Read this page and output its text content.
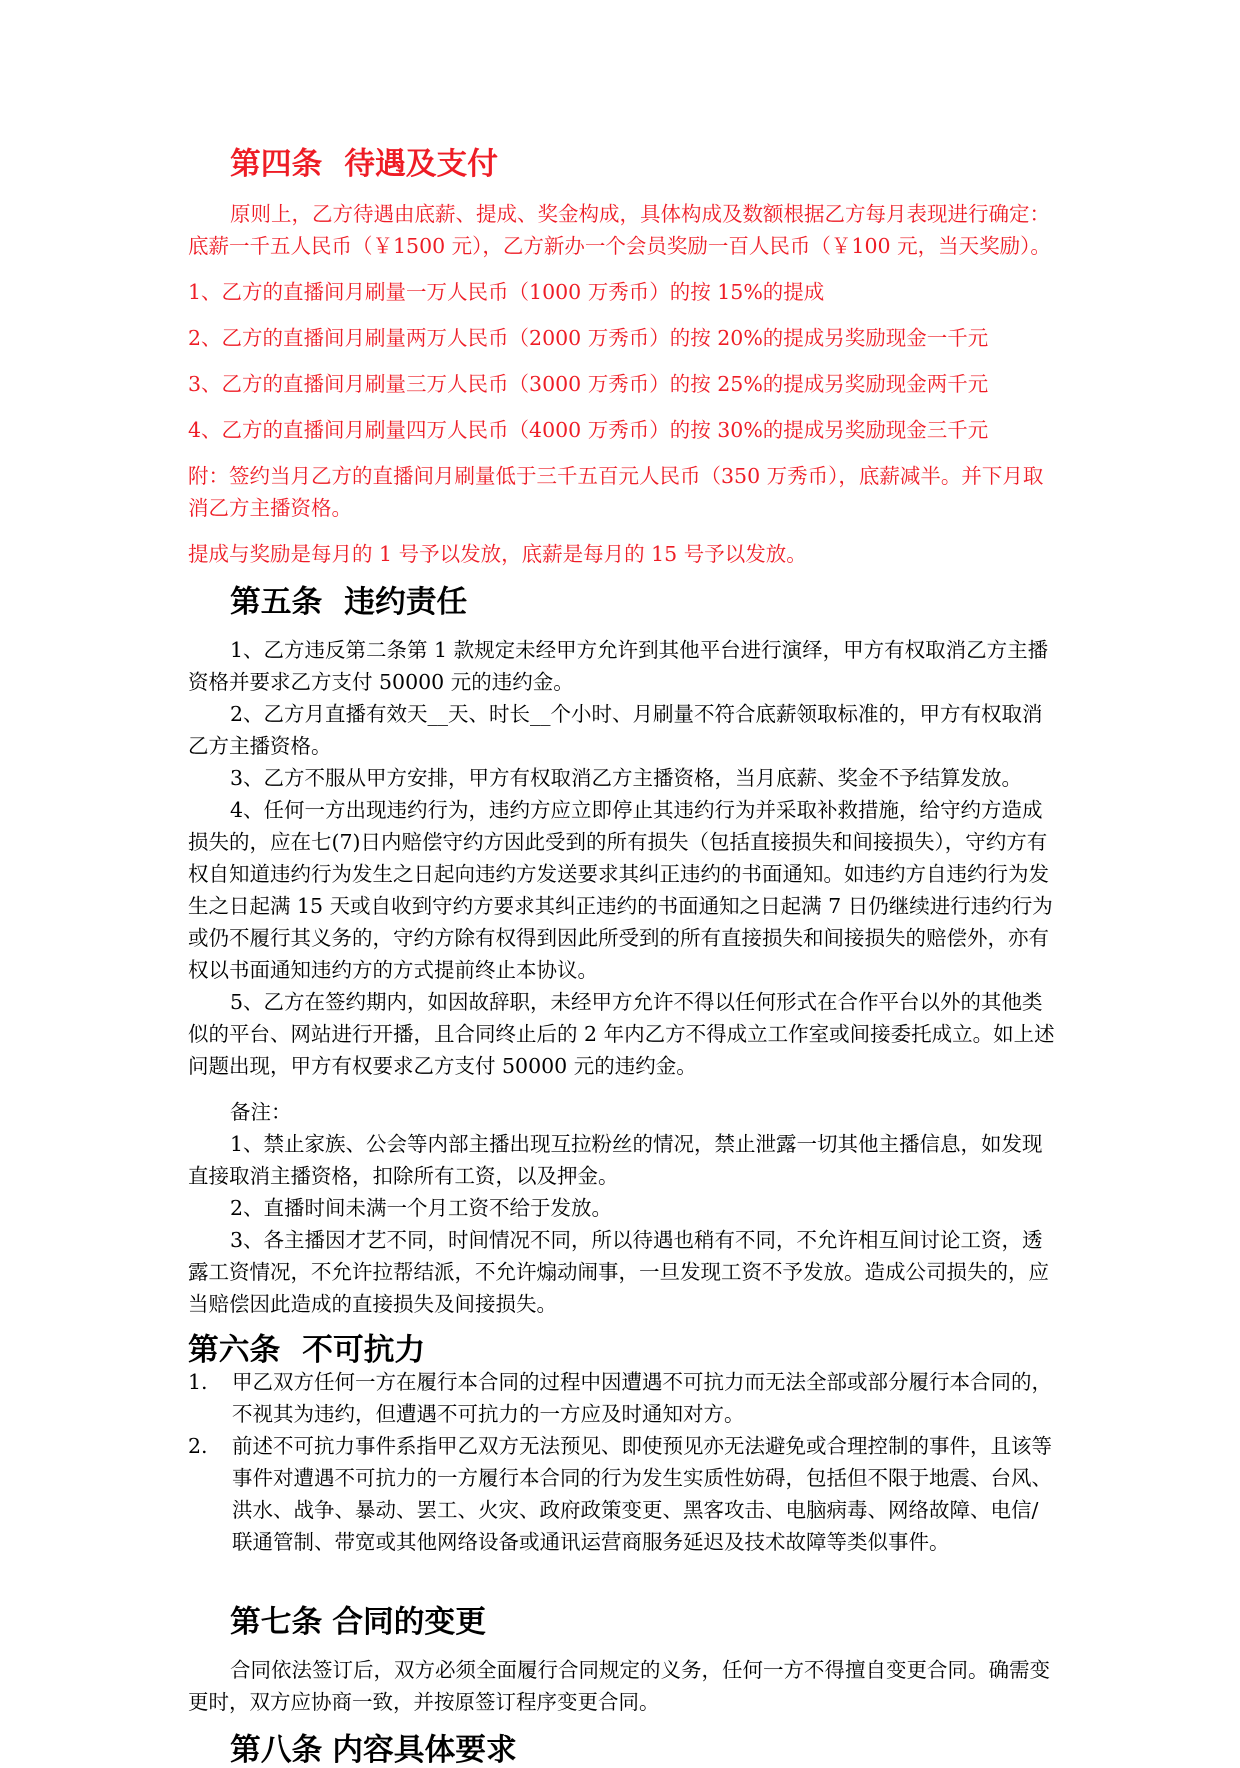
第四条 待遇及支付

原则上，乙方待遇由底薪、提成、奖金构成，具体构成及数额根据乙方每月表现进行确定：底薪一千五人民币（￥1500 元），乙方新办一个会员奖励一百人民币（￥100 元，当天奖励）。

1、乙方的直播间月刷量一万人民币（1000 万秀币）的按 15%的提成

2、乙方的直播间月刷量两万人民币（2000 万秀币）的按 20%的提成另奖励现金一千元

3、乙方的直播间月刷量三万人民币（3000 万秀币）的按 25%的提成另奖励现金两千元

4、乙方的直播间月刷量四万人民币（4000 万秀币）的按 30%的提成另奖励现金三千元

附：签约当月乙方的直播间月刷量低于三千五百元人民币（350 万秀币），底薪减半。并下月取消乙方主播资格。

提成与奖励是每月的 1 号予以发放，底薪是每月的 15 号予以发放。

第五条 违约责任

1、乙方违反第二条第 1 款规定未经甲方允许到其他平台进行演绎，甲方有权取消乙方主播资格并要求乙方支付 50000 元的违约金。

2、乙方月直播有效天__天、时长__个小时、月刷量不符合底薪领取标准的，甲方有权取消乙方主播资格。

3、乙方不服从甲方安排，甲方有权取消乙方主播资格，当月底薪、奖金不予结算发放。

4、任何一方出现违约行为，违约方应立即停止其违约行为并采取补救措施，给守约方造成损失的，应在七(7)日内赔偿守约方因此受到的所有损失（包括直接损失和间接损失），守约方有权自知道违约行为发生之日起向违约方发送要求其纠正违约的书面通知。如违约方自违约行为发生之日起满 15 天或自收到守约方要求其纠正违约的书面通知之日起满 7 日仍继续进行违约行为或仍不履行其义务的，守约方除有权得到因此所受到的所有直接损失和间接损失的赔偿外，亦有权以书面通知违约方的方式提前终止本协议。

5、乙方在签约期内，如因故辞职，未经甲方允许不得以任何形式在合作平台以外的其他类似的平台、网站进行开播，且合同终止后的 2 年内乙方不得成立工作室或间接委托成立。如上述问题出现，甲方有权要求乙方支付 50000 元的违约金。

备注：

1、禁止家族、公会等内部主播出现互拉粉丝的情况，禁止泄露一切其他主播信息，如发现直接取消主播资格，扣除所有工资，以及押金。

2、直播时间未满一个月工资不给于发放。

3、各主播因才艺不同，时间情况不同，所以待遇也稍有不同，不允许相互间讨论工资，透露工资情况，不允许拉帮结派，不允许煽动闹事，一旦发现工资不予发放。造成公司损失的，应当赔偿因此造成的直接损失及间接损失。

第六条 不可抗力
1. 甲乙双方任何一方在履行本合同的过程中因遭遇不可抗力而无法全部或部分履行本合同的，不视其为违约，但遭遇不可抗力的一方应及时通知对方。
2. 前述不可抗力事件系指甲乙双方无法预见、即使预见亦无法避免或合理控制的事件，且该等事件对遭遇不可抗力的一方履行本合同的行为发生实质性妨碍，包括但不限于地震、台风、洪水、战争、暴动、罢工、火灾、政府政策变更、黑客攻击、电脑病毒、网络故障、电信/联通管制、带宽或其他网络设备或通讯运营商服务延迟及技术故障等类似事件。
第七条 合同的变更

合同依法签订后，双方必须全面履行合同规定的义务，任何一方不得擅自变更合同。确需变更时，双方应协商一致，并按原签订程序变更合同。

第八条 内容具体要求
